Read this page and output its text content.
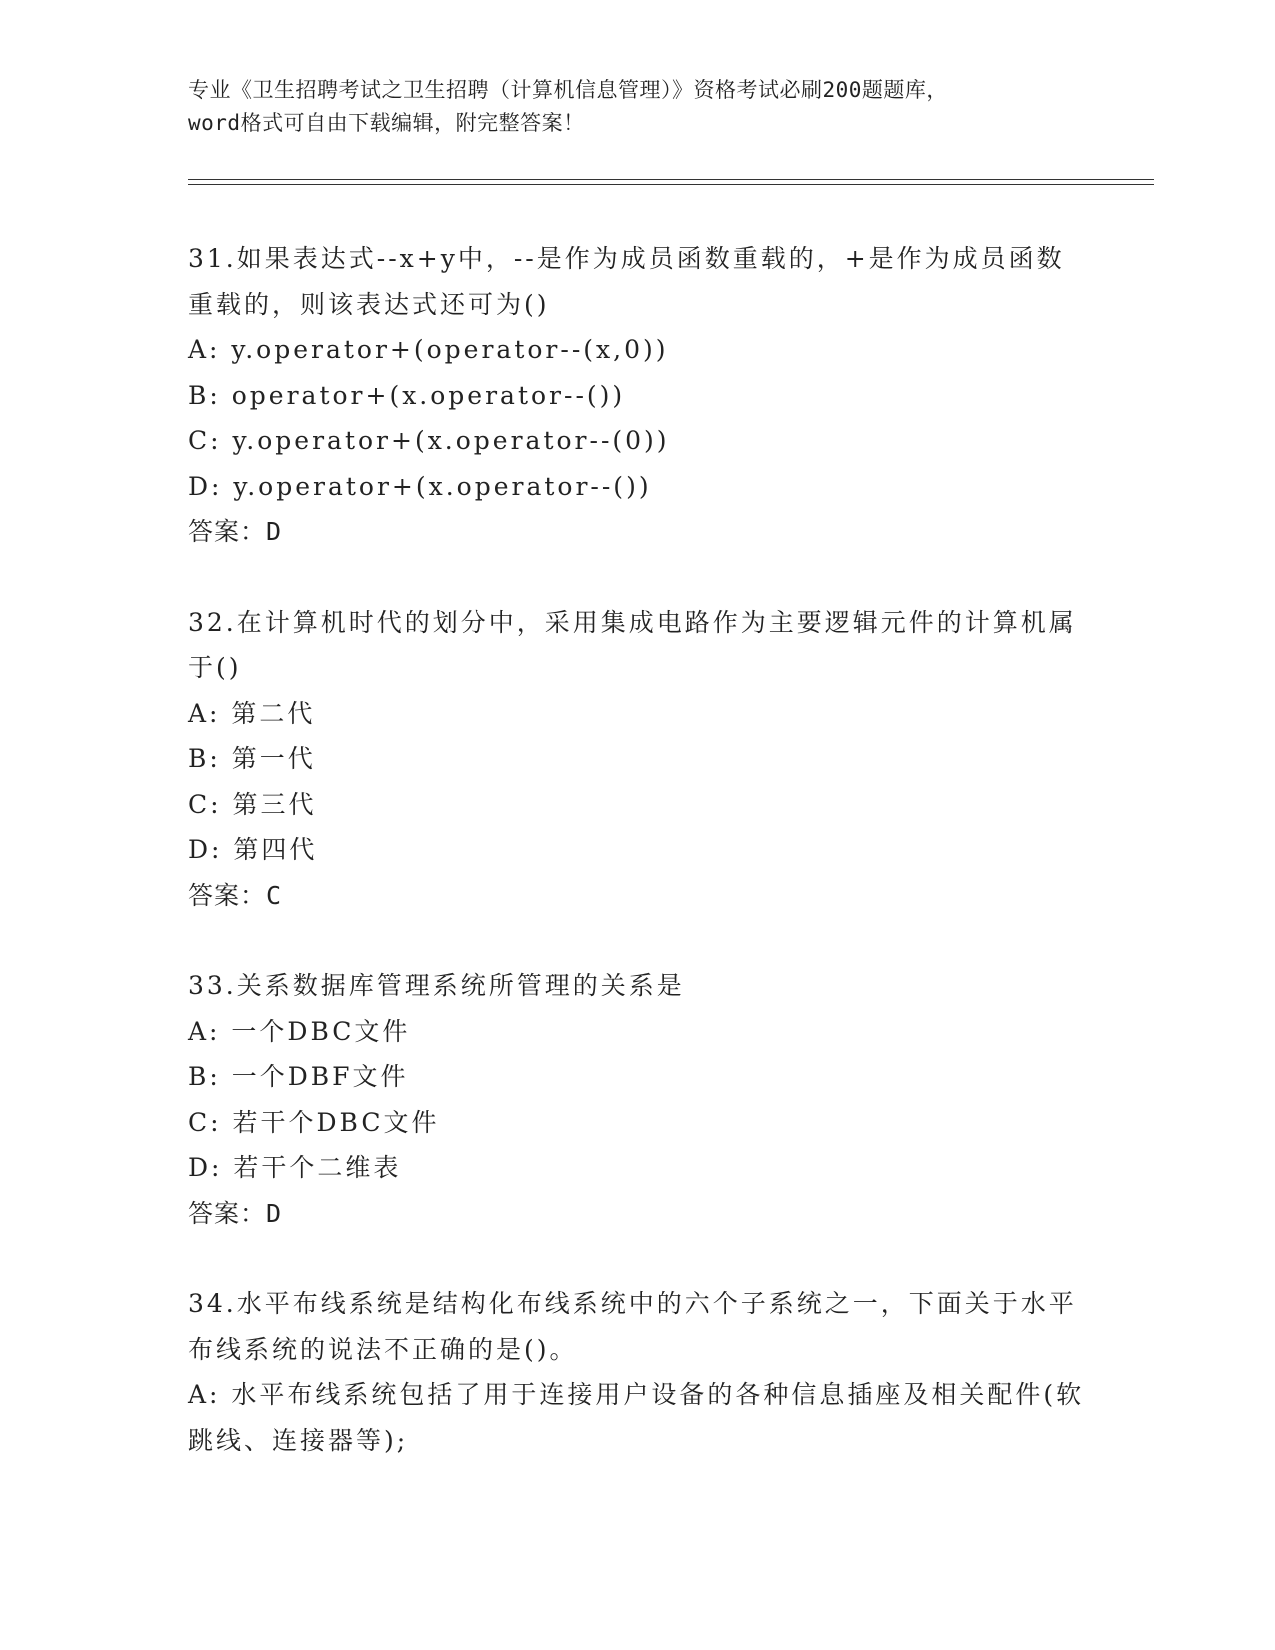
专业《卫生招聘考试之卫生招聘（计算机信息管理）》资格考试必刷200题题库，
word格式可自由下载编辑，附完整答案！

31.如果表达式--x+y中，--是作为成员函数重载的，+是作为成员函数重载的，则该表达式还可为()

A: y.operator+(operator--(x,0))

B: operator+(x.operator--())

C: y.operator+(x.operator--(0))

D: y.operator+(x.operator--())

答案：D

32.在计算机时代的划分中，采用集成电路作为主要逻辑元件的计算机属于()

A: 第二代

B: 第一代

C: 第三代

D: 第四代

答案：C

33.关系数据库管理系统所管理的关系是

A: 一个DBC文件

B: 一个DBF文件

C: 若干个DBC文件

D: 若干个二维表

答案：D

34.水平布线系统是结构化布线系统中的六个子系统之一，下面关于水平布线系统的说法不正确的是()。

A: 水平布线系统包括了用于连接用户设备的各种信息插座及相关配件(软跳线、连接器等);
